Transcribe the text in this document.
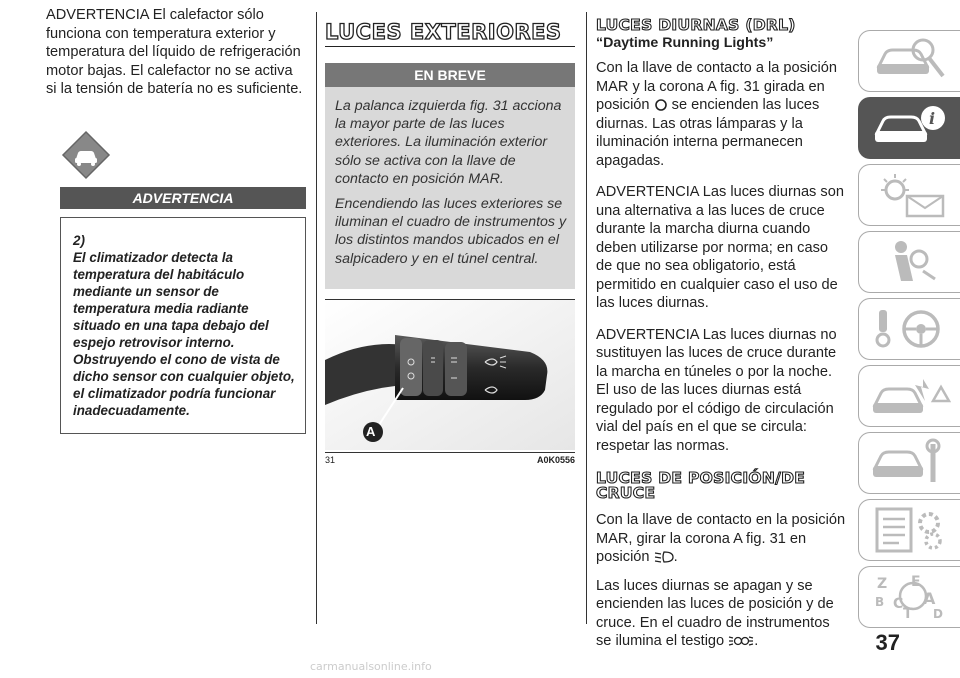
ADVERTENCIA El calefactor sólo funciona con temperatura exterior y temperatura del líquido de refrigeración motor bajas. El calefactor no se activa si la tensión de batería no es suficiente.

ADVERTENCIA
2)El climatizador detecta la temperatura del habitáculo mediante un sensor de temperatura media radiante situado en una tapa debajo del espejo retrovisor interno. Obstruyendo el cono de vista de dicho sensor con cualquier objeto, el climatizador podría funcionar inadecuadamente.
LUCES EXTERIORES
EN BREVE

La palanca izquierda fig. 31 acciona la mayor parte de las luces exteriores. La iluminación exterior sólo se activa con la llave de contacto en posición MAR.

Encendiendo las luces exteriores se iluminan el cuadro de instrumentos y los distintos mandos ubicados en el salpicadero y en el túnel central.

A
31	A0K0556
LUCES DIURNAS (DRL)
“Daytime Running Lights”

Con la llave de contacto a la posición MAR y la corona A fig. 31 girada en posición se encienden las luces diurnas. Las otras lámparas y la iluminación interna permanecen apagadas.

ADVERTENCIA Las luces diurnas son una alternativa a las luces de cruce durante la marcha diurna cuando deben utilizarse por norma; en caso de que no sea obligatorio, está permitido en cualquier caso el uso de las luces diurnas.

ADVERTENCIA Las luces diurnas no sustituyen las luces de cruce durante la marcha en túneles o por la noche. El uso de las luces diurnas está regulado por el código de circulación vial del país en el que se circula: respetar las normas.

LUCES DE POSICIÓN/DE
CRUCE

Con la llave de contacto en la posición MAR, girar la corona A fig. 31 en posición .

Las luces diurnas se apagan y se encienden las luces de posición y de cruce. En el cuadro de instrumentos se ilumina el testigo .

i
Z E
B A
C
T D
37
carmanualsonline.info
